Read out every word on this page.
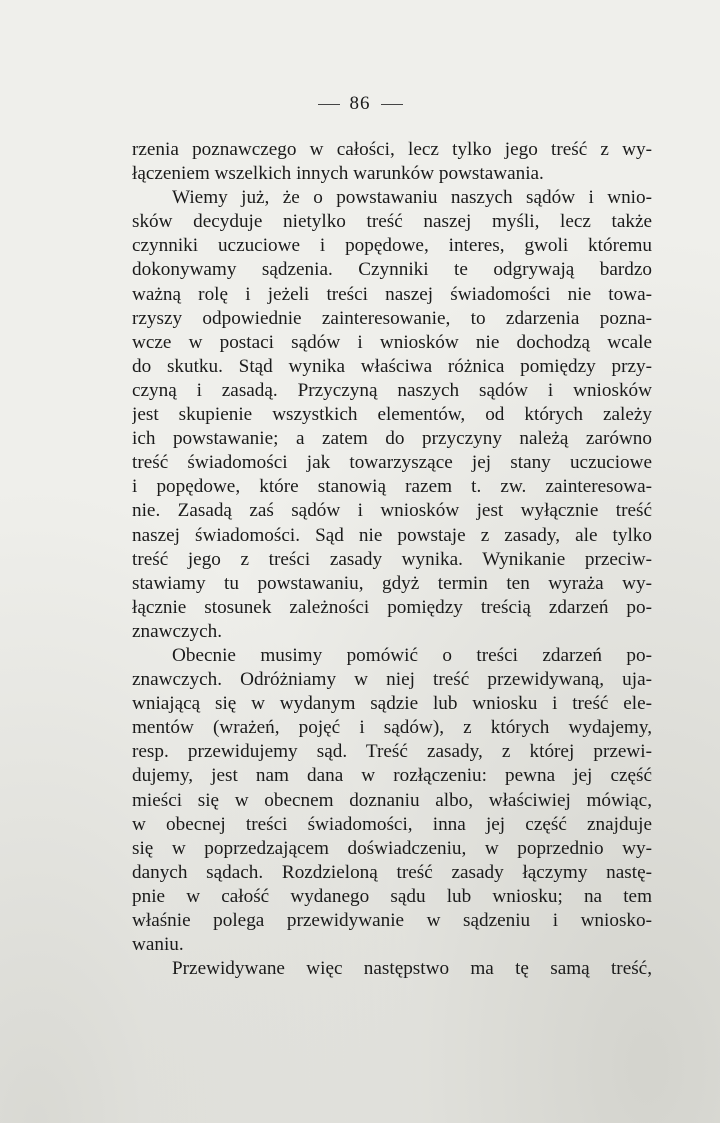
86
rzenia poznawczego w całości, lecz tylko jego treść z wy-
łączeniem wszelkich innych warunków powstawania.
Wiemy już, że o powstawaniu naszych sądów i wnio-
sków decyduje nietylko treść naszej myśli, lecz także
czynniki uczuciowe i popędowe, interes, gwoli któremu
dokonywamy sądzenia. Czynniki te odgrywają bardzo
ważną rolę i jeżeli treści naszej świadomości nie towa-
rzyszy odpowiednie zainteresowanie, to zdarzenia pozna-
wcze w postaci sądów i wniosków nie dochodzą wcale
do skutku. Stąd wynika właściwa różnica pomiędzy przy-
czyną i zasadą. Przyczyną naszych sądów i wniosków
jest skupienie wszystkich elementów, od których zależy
ich powstawanie; a zatem do przyczyny należą zarówno
treść świadomości jak towarzyszące jej stany uczuciowe
i popędowe, które stanowią razem t. zw. zainteresowa-
nie. Zasadą zaś sądów i wniosków jest wyłącznie treść
naszej świadomości. Sąd nie powstaje z zasady, ale tylko
treść jego z treści zasady wynika. Wynikanie przeciw-
stawiamy tu powstawaniu, gdyż termin ten wyraża wy-
łącznie stosunek zależności pomiędzy treścią zdarzeń po-
znawczych.
Obecnie musimy pomówić o treści zdarzeń po-
znawczych. Odróżniamy w niej treść przewidywaną, uja-
wniającą się w wydanym sądzie lub wniosku i treść ele-
mentów (wrażeń, pojęć i sądów), z których wydajemy,
resp. przewidujemy sąd. Treść zasady, z której przewi-
dujemy, jest nam dana w rozłączeniu: pewna jej część
mieści się w obecnem doznaniu albo, właściwiej mówiąc,
w obecnej treści świadomości, inna jej część znajduje
się w poprzedzającem doświadczeniu, w poprzednio wy-
danych sądach. Rozdzieloną treść zasady łączymy nastę-
pnie w całość wydanego sądu lub wniosku; na tem
właśnie polega przewidywanie w sądzeniu i wniosko-
waniu.
Przewidywane więc następstwo ma tę samą treść,
